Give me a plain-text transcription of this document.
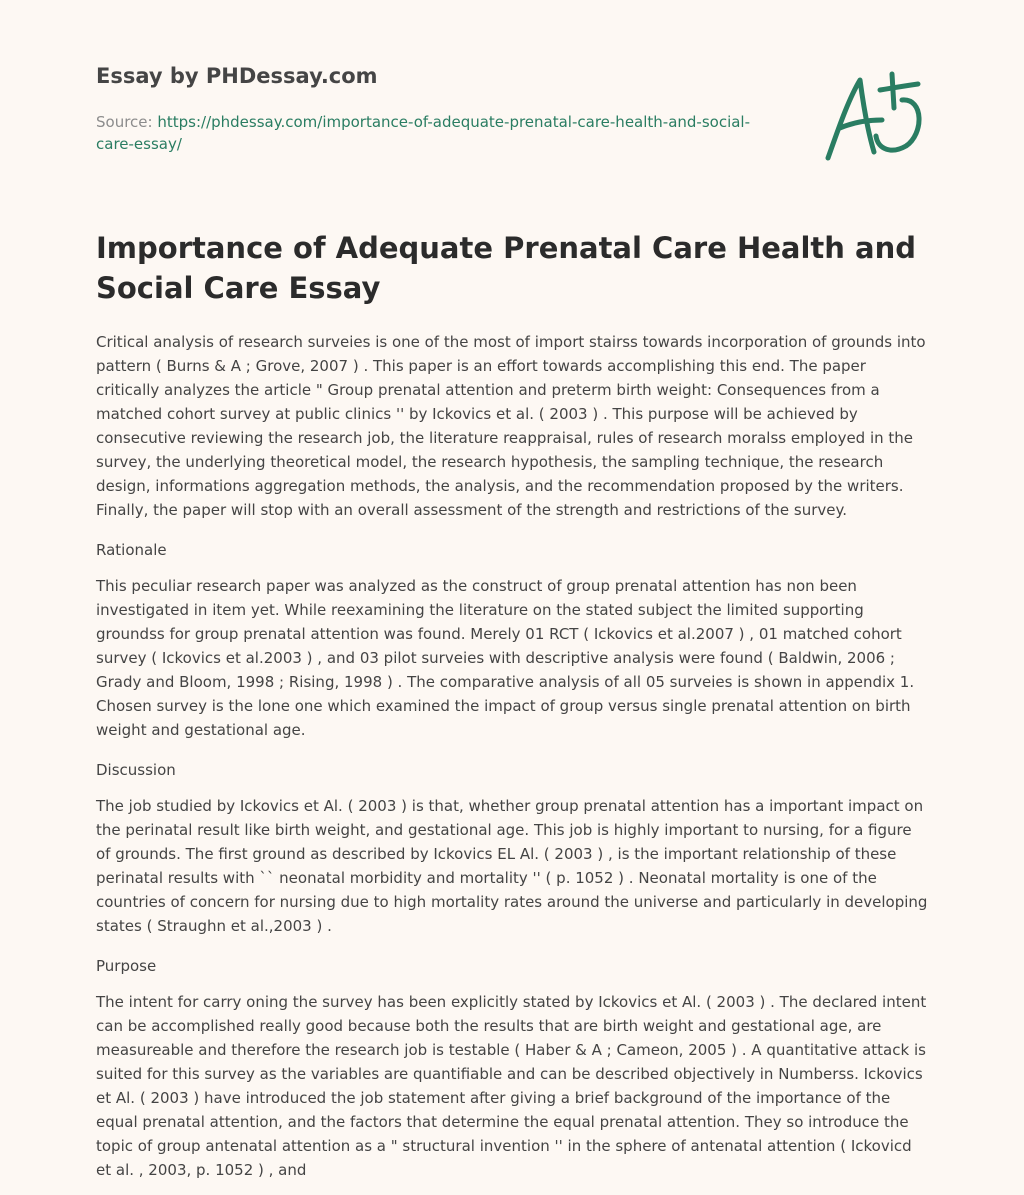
Essay by PHDessay.com
Source: https://phdessay.com/importance-of-adequate-prenatal-care-health-and-social-care-essay/
Importance of Adequate Prenatal Care Health and Social Care Essay

Critical analysis of research surveies is one of the most of import stairss towards incorporation of grounds into pattern ( Burns & A ; Grove, 2007 ) . This paper is an effort towards accomplishing this end. The paper critically analyzes the article " Group prenatal attention and preterm birth weight: Consequences from a matched cohort survey at public clinics '' by Ickovics et al. ( 2003 ) . This purpose will be achieved by consecutive reviewing the research job, the literature reappraisal, rules of research moralss employed in the survey, the underlying theoretical model, the research hypothesis, the sampling technique, the research design, informations aggregation methods, the analysis, and the recommendation proposed by the writers. Finally, the paper will stop with an overall assessment of the strength and restrictions of the survey.

Rationale

This peculiar research paper was analyzed as the construct of group prenatal attention has non been investigated in item yet. While reexamining the literature on the stated subject the limited supporting groundss for group prenatal attention was found. Merely 01 RCT ( Ickovics et al.2007 ) , 01 matched cohort survey ( Ickovics et al.2003 ) , and 03 pilot surveies with descriptive analysis were found ( Baldwin, 2006 ; Grady and Bloom, 1998 ; Rising, 1998 ) . The comparative analysis of all 05 surveies is shown in appendix 1. Chosen survey is the lone one which examined the impact of group versus single prenatal attention on birth weight and gestational age.

Discussion

The job studied by Ickovics et Al. ( 2003 ) is that, whether group prenatal attention has a important impact on the perinatal result like birth weight, and gestational age. This job is highly important to nursing, for a figure of grounds. The first ground as described by Ickovics EL Al. ( 2003 ) , is the important relationship of these perinatal results with `` neonatal morbidity and mortality '' ( p. 1052 ) . Neonatal mortality is one of the countries of concern for nursing due to high mortality rates around the universe and particularly in developing states ( Straughn et al.,2003 ) .

Purpose

The intent for carry oning the survey has been explicitly stated by Ickovics et Al. ( 2003 ) . The declared intent can be accomplished really good because both the results that are birth weight and gestational age, are measureable and therefore the research job is testable ( Haber & A ; Cameon, 2005 ) . A quantitative attack is suited for this survey as the variables are quantifiable and can be described objectively in Numberss. Ickovics et Al. ( 2003 ) have introduced the job statement after giving a brief background of the importance of the equal prenatal attention, and the factors that determine the equal prenatal attention. They so introduce the topic of group antenatal attention as a " structural invention '' in the sphere of antenatal attention ( Ickovicd et al. , 2003, p. 1052 ) , and
